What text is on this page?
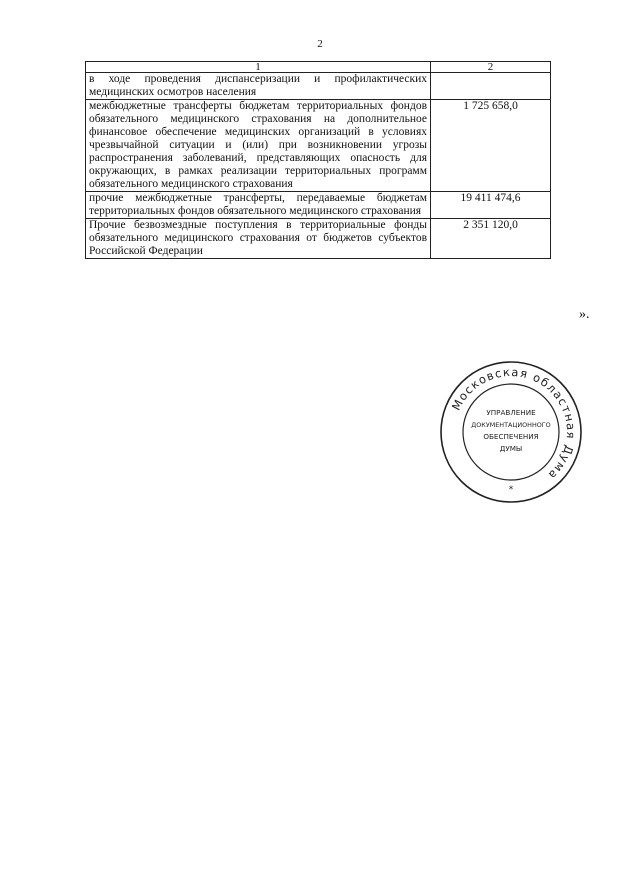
2
1	2
в ходе проведения диспансеризации и профилактических медицинских осмотров населения	
межбюджетные трансферты бюджетам территориальных фондов обязательного медицинского страхования на дополнительное финансовое обеспечение медицинских организаций в условиях чрезвычайной ситуации и (или) при возникновении угрозы распространения заболеваний, представляющих опасность для окружающих, в рамках реализации территориальных программ обязательного медицинского страхования	1 725 658,0
прочие межбюджетные трансферты, передаваемые бюджетам территориальных фондов обязательного медицинского страхования	19 411 474,6
Прочие безвозмездные поступления в территориальные фонды обязательного медицинского страхования от бюджетов субъектов Российской Федерации	2 351 120,0
».
Московская областная Дума
УПРАВЛЕНИЕ
ДОКУМЕНТАЦИОННОГО
ОБЕСПЕЧЕНИЯ
ДУМЫ
*
